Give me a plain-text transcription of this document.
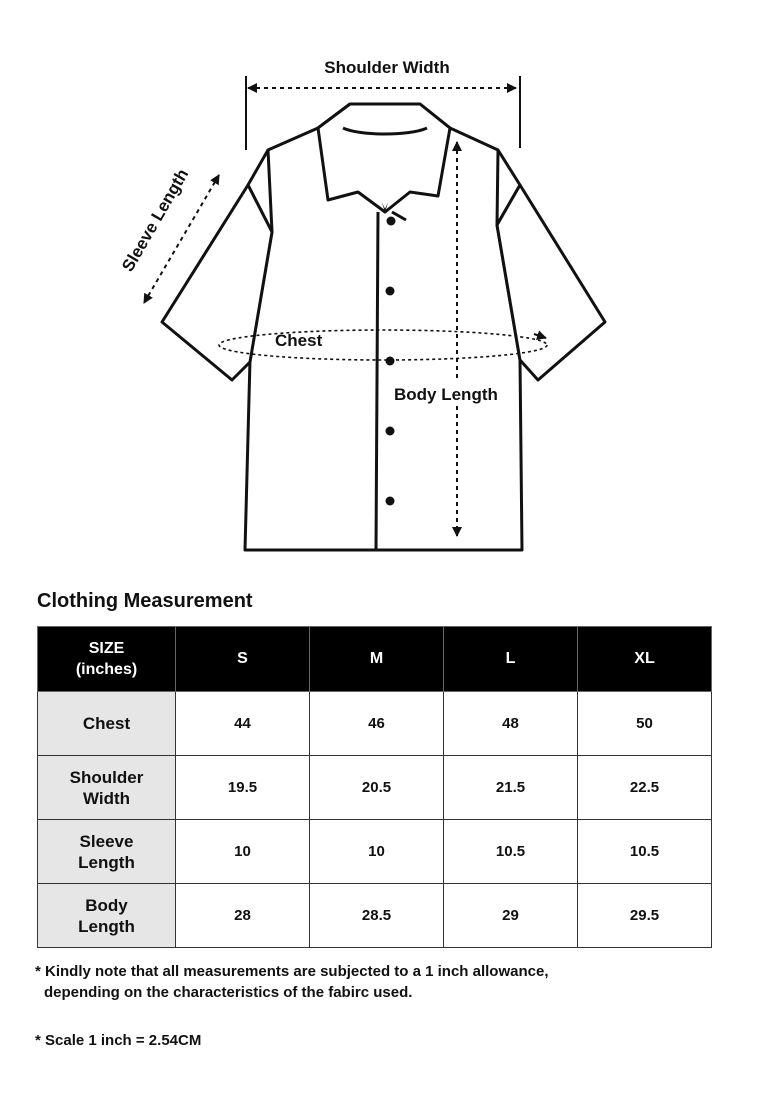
Shoulder Width
Sleeve Length
Chest
Body Length
Clothing Measurement
SIZE
(inches)	S	M	L	XL
Chest	44	46	48	50
Shoulder
Width	19.5	20.5	21.5	22.5
Sleeve
Length	10	10	10.5	10.5
Body
Length	28	28.5	29	29.5

* Kindly note that all measurements are subjected to a 1 inch allowance,
depending on the characteristics of the fabirc used.

* Scale 1 inch = 2.54CM
